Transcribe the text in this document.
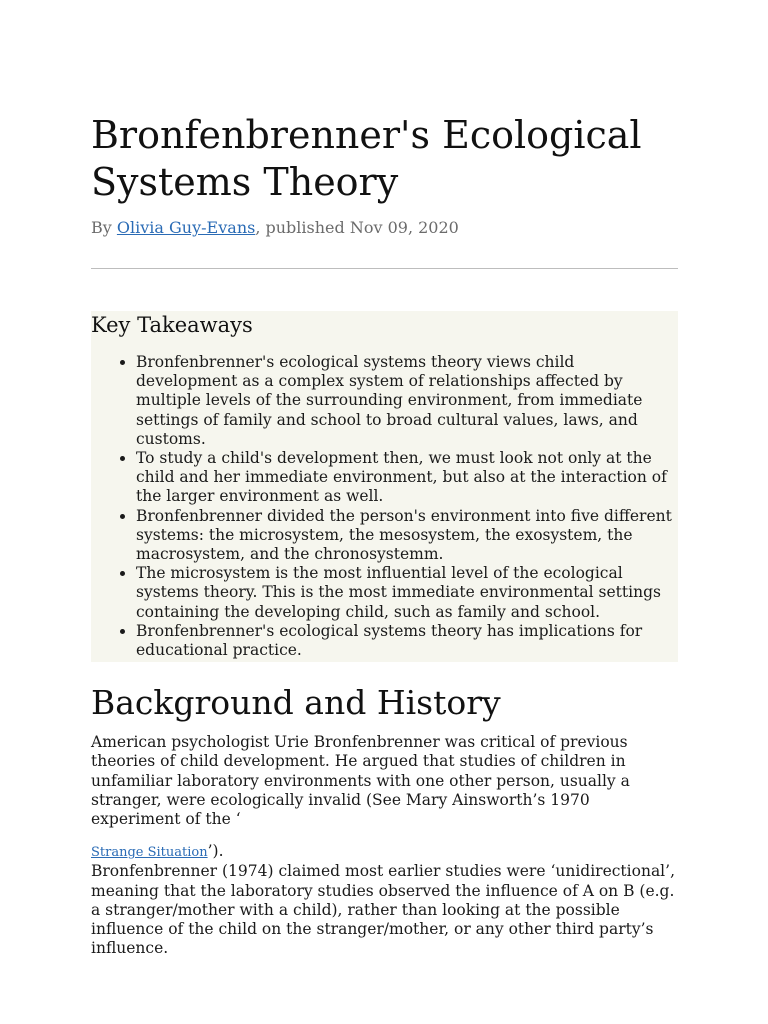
Bronfenbrenner's Ecological Systems Theory
By Olivia Guy-Evans, published Nov 09, 2020
Key Takeaways
• Bronfenbrenner's ecological systems theory views child development as a complex system of relationships affected by multiple levels of the surrounding environment, from immediate settings of family and school to broad cultural values, laws, and customs.
• To study a child's development then, we must look not only at the child and her immediate environment, but also at the interaction of the larger environment as well.
• Bronfenbrenner divided the person's environment into five different systems: the microsystem, the mesosystem, the exosystem, the macrosystem, and the chronosystemm.
• The microsystem is the most influential level of the ecological systems theory. This is the most immediate environmental settings containing the developing child, such as family and school.
• Bronfenbrenner's ecological systems theory has implications for educational practice.
Background and History

American psychologist Urie Bronfenbrenner was critical of previous theories of child development. He argued that studies of children in unfamiliar laboratory environments with one other person, usually a stranger, were ecologically invalid (See Mary Ainsworth’s 1970 experiment of the ‘

Strange Situation’).

Bronfenbrenner (1974) claimed most earlier studies were ‘unidirectional’, meaning that the laboratory studies observed the influence of A on B (e.g. a stranger/mother with a child), rather than looking at the possible influence of the child on the stranger/mother, or any other third party’s influence.
